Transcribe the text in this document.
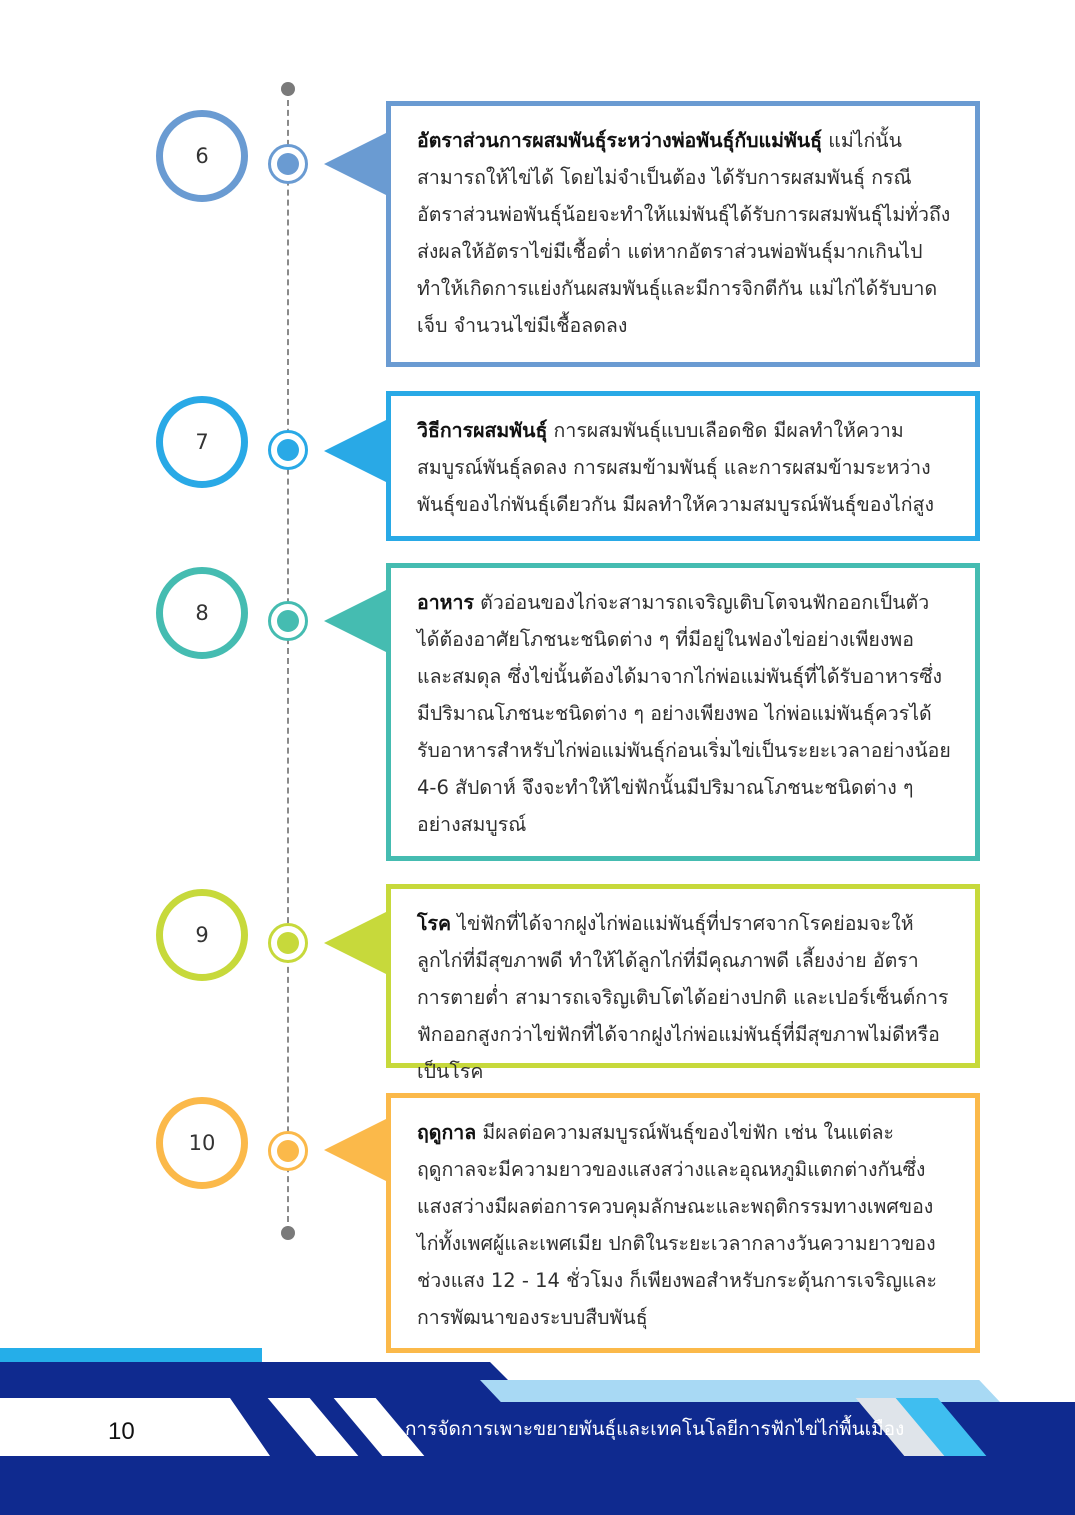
6
อัตราส่วนการผสมพันธุ์ระหว่างพ่อพันธุ์กับแม่พันธุ์ แม่ไก่นั้นสามารถให้ไข่ได้ โดยไม่จำเป็นต้อง ได้รับการผสมพันธุ์ กรณีอัตราส่วนพ่อพันธุ์น้อยจะทำให้แม่พันธุ์ได้รับการผสมพันธุ์ไม่ทั่วถึงส่งผลให้อัตราไข่มีเชื้อต่ำ แต่หากอัตราส่วนพ่อพันธุ์มากเกินไป ทำให้เกิดการแย่งกันผสมพันธุ์และมีการจิกตีกัน แม่ไก่ได้รับบาดเจ็บ จำนวนไข่มีเชื้อลดลง
7	วิธีการผสมพันธุ์ การผสมพันธุ์แบบเลือดชิด มีผลทำให้ความสมบูรณ์พันธุ์ลดลง การผสมข้ามพันธุ์ และการผสมข้ามระหว่างพันธุ์ของไก่พันธุ์เดียวกัน มีผลทำให้ความสมบูรณ์พันธุ์ของไก่สูง
8	อาหาร ตัวอ่อนของไก่จะสามารถเจริญเติบโตจนฟักออกเป็นตัวได้ต้องอาศัยโภชนะชนิดต่าง ๆ ที่มีอยู่ในฟองไข่อย่างเพียงพอ และสมดุล ซึ่งไข่นั้นต้องได้มาจากไก่พ่อแม่พันธุ์ที่ได้รับอาหารซึ่งมีปริมาณโภชนะชนิดต่าง ๆ อย่างเพียงพอ ไก่พ่อแม่พันธุ์ควรได้รับอาหารสำหรับไก่พ่อแม่พันธุ์ก่อนเริ่มไข่เป็นระยะเวลาอย่างน้อย 4-6 สัปดาห์ จึงจะทำให้ไข่ฟักนั้นมีปริมาณโภชนะชนิดต่าง ๆ อย่างสมบูรณ์
9	โรค ไข่ฟักที่ได้จากฝูงไก่พ่อแม่พันธุ์ที่ปราศจากโรคย่อมจะให้ลูกไก่ที่มีสุขภาพดี ทำให้ได้ลูกไก่ที่มีคุณภาพดี เลี้ยงง่าย อัตราการตายต่ำ สามารถเจริญเติบโตได้อย่างปกติ และเปอร์เซ็นต์การฟักออกสูงกว่าไข่ฟักที่ได้จากฝูงไก่พ่อแม่พันธุ์ที่มีสุขภาพไม่ดีหรือเป็นโรค
10	ฤดูกาล มีผลต่อความสมบูรณ์พันธุ์ของไข่ฟัก เช่น ในแต่ละฤดูกาลจะมีความยาวของแสงสว่างและอุณหภูมิแตกต่างกันซึ่ง แสงสว่างมีผลต่อการควบคุมลักษณะและพฤติกรรมทางเพศของไก่ทั้งเพศผู้และเพศเมีย ปกติในระยะเวลากลางวันความยาวของช่วงแสง 12 - 14 ชั่วโมง ก็เพียงพอสำหรับกระตุ้นการเจริญและการพัฒนาของระบบสืบพันธุ์
10	การจัดการเพาะขยายพันธุ์และเทคโนโลยีการฟักไข่ไก่พื้นเมือง
